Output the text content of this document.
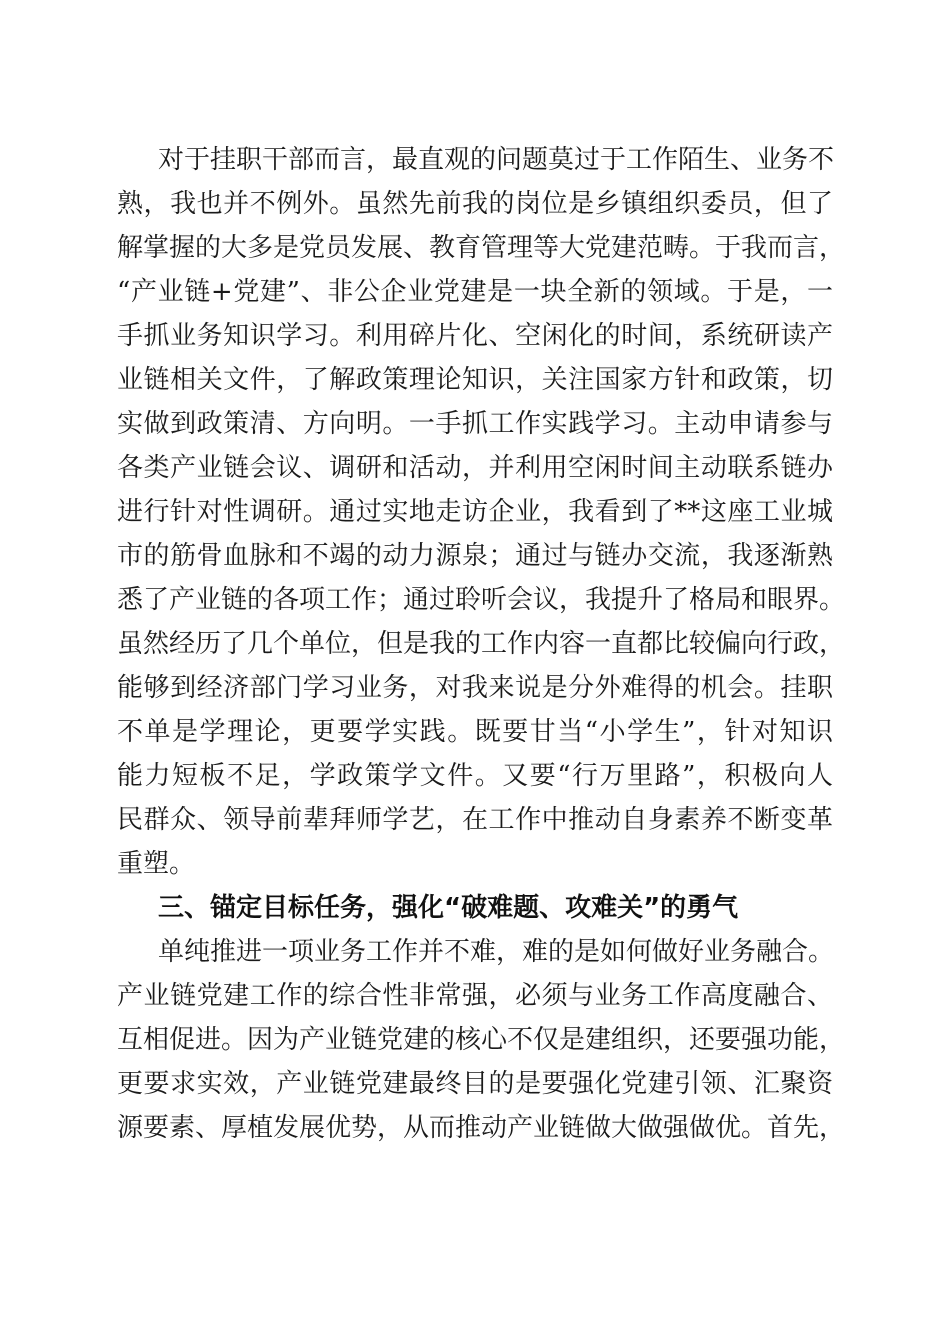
对于挂职干部而言，最直观的问题莫过于工作陌生、业务不
熟，我也并不例外。虽然先前我的岗位是乡镇组织委员，但了
解掌握的大多是党员发展、教育管理等大党建范畴。于我而言，
“产业链+党建”、非公企业党建是一块全新的领域。于是，一
手抓业务知识学习。利用碎片化、空闲化的时间，系统研读产
业链相关文件，了解政策理论知识，关注国家方针和政策，切
实做到政策清、方向明。一手抓工作实践学习。主动申请参与
各类产业链会议、调研和活动，并利用空闲时间主动联系链办
进行针对性调研。通过实地走访企业，我看到了**这座工业城
市的筋骨血脉和不竭的动力源泉；通过与链办交流，我逐渐熟
悉了产业链的各项工作；通过聆听会议，我提升了格局和眼界。
虽然经历了几个单位，但是我的工作内容一直都比较偏向行政，
能够到经济部门学习业务，对我来说是分外难得的机会。挂职
不单是学理论，更要学实践。既要甘当“小学生”，针对知识
能力短板不足，学政策学文件。又要“行万里路”，积极向人
民群众、领导前辈拜师学艺，在工作中推动自身素养不断变革
重塑。
三、锚定目标任务，强化“破难题、攻难关”的勇气
单纯推进一项业务工作并不难，难的是如何做好业务融合。
产业链党建工作的综合性非常强，必须与业务工作高度融合、
互相促进。因为产业链党建的核心不仅是建组织，还要强功能，
更要求实效，产业链党建最终目的是要强化党建引领、汇聚资
源要素、厚植发展优势，从而推动产业链做大做强做优。首先，
